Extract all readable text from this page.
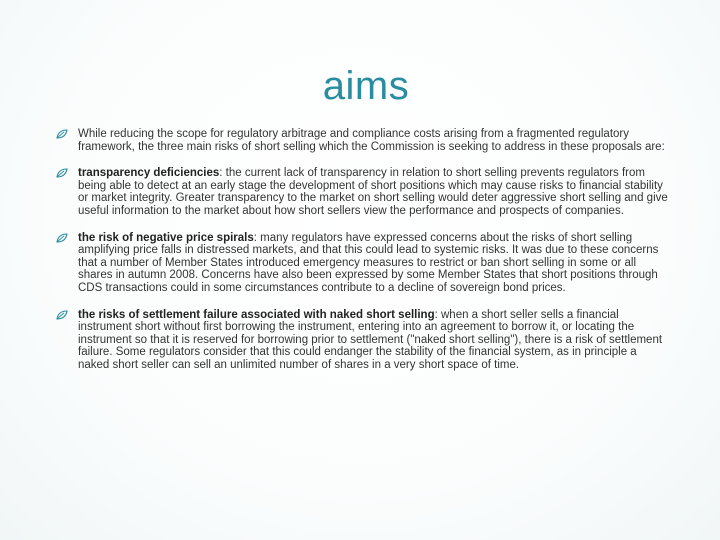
aims
While reducing the scope for regulatory arbitrage and compliance costs arising from a fragmented regulatory framework, the three main risks of short selling which the Commission is seeking to address in these proposals are:
transparency deficiencies: the current lack of transparency in relation to short selling prevents regulators from being able to detect at an early stage the development of short positions which may cause risks to financial stability or market integrity. Greater transparency to the market on short selling would deter aggressive short selling and give useful information to the market about how short sellers view the performance and prospects of companies.
the risk of negative price spirals: many regulators have expressed concerns about the risks of short selling amplifying price falls in distressed markets, and that this could lead to systemic risks. It was due to these concerns that a number of Member States introduced emergency measures to restrict or ban short selling in some or all shares in autumn 2008. Concerns have also been expressed by some Member States that short positions through CDS transactions could in some circumstances contribute to a decline of sovereign bond prices.
the risks of settlement failure associated with naked short selling: when a short seller sells a financial instrument short without first borrowing the instrument, entering into an agreement to borrow it, or locating the instrument so that it is reserved for borrowing prior to settlement ("naked short selling"), there is a risk of settlement failure. Some regulators consider that this could endanger the stability of the financial system, as in principle a naked short seller can sell an unlimited number of shares in a very short space of time.
